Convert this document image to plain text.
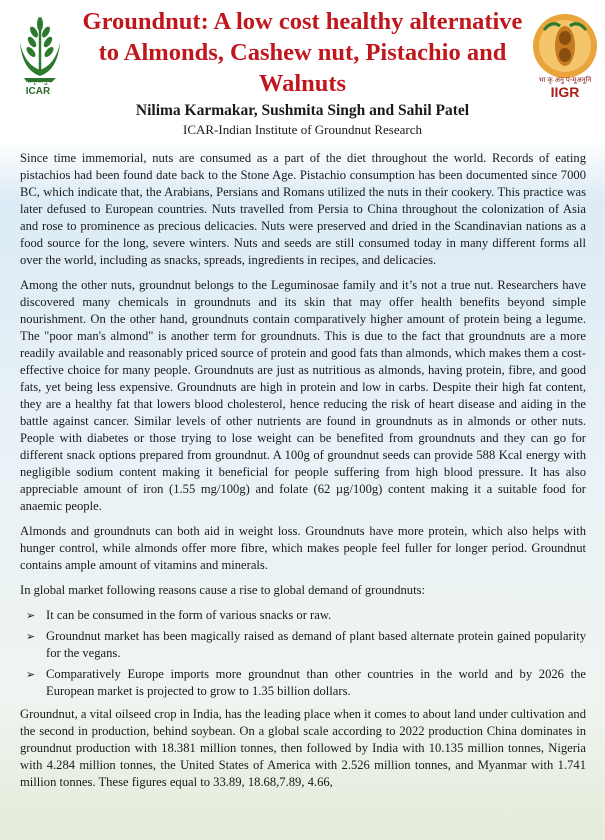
भाकृअनुप
ICAR
Groundnut: A low cost healthy alternative to Almonds, Cashew nut, Pistachio and Walnuts
Nilima Karmakar, Sushmita Singh and Sahil Patel
ICAR-Indian Institute of Groundnut Research
भा कृ अनु प-मूअनुनि
IIGR

Since time immemorial, nuts are consumed as a part of the diet throughout the world. Records of eating pistachios had been found date back to the Stone Age. Pistachio consumption has been documented since 7000 BC, which indicate that, the Arabians, Persians and Romans utilized the nuts in their cookery. This practice was later defused to European countries. Nuts travelled from Persia to China throughout the colonization of Asia and rose to prominence as precious delicacies. Nuts were preserved and dried in the Scandinavian nations as a food source for the long, severe winters. Nuts and seeds are still consumed today in many different forms all over the world, including as snacks, spreads, ingredients in recipes, and delicacies.

Among the other nuts, groundnut belongs to the Leguminosae family and it’s not a true nut. Researchers have discovered many chemicals in groundnuts and its skin that may offer health benefits beyond simple nourishment. On the other hand, groundnuts contain comparatively higher amount of protein being a legume. The "poor man's almond" is another term for groundnuts. This is due to the fact that groundnuts are a more readily available and reasonably priced source of protein and good fats than almonds, which makes them a cost-effective choice for many people. Groundnuts are just as nutritious as almonds, having protein, fibre, and good fats, yet being less expensive. Groundnuts are high in protein and low in carbs. Despite their high fat content, they are a healthy fat that lowers blood cholesterol, hence reducing the risk of heart disease and aiding in the battle against cancer. Similar levels of other nutrients are found in groundnuts as in almonds or other nuts. People with diabetes or those trying to lose weight can be benefited from groundnuts and they can go for different snack options prepared from groundnut. A 100g of groundnut seeds can provide 588 Kcal energy with negligible sodium content making it beneficial for people suffering from high blood pressure. It has also appreciable amount of iron (1.55 mg/100g) and folate (62 µg/100g) content making it a suitable food for anaemic people.

Almonds and groundnuts can both aid in weight loss. Groundnuts have more protein, which also helps with hunger control, while almonds offer more fibre, which makes people feel fuller for longer period. Groundnut contains ample amount of vitamins and minerals.

In global market following reasons cause a rise to global demand of groundnuts:

➢ It can be consumed in the form of various snacks or raw.
➢ Groundnut market has been magically raised as demand of plant based alternate protein gained popularity for the vegans.
➢ Comparatively Europe imports more groundnut than other countries in the world and by 2026 the European market is projected to grow to 1.35 billion dollars.

Groundnut, a vital oilseed crop in India, has the leading place when it comes to about land under cultivation and the second in production, behind soybean. On a global scale according to 2022 production China dominates in groundnut production with 18.381 million tonnes, then followed by India with 10.135 million tonnes, Nigeria with 4.284 million tonnes, the United States of America with 2.526 million tonnes, and Myanmar with 1.741 million tonnes. These figures equal to 33.89, 18.68,7.89, 4.66,
